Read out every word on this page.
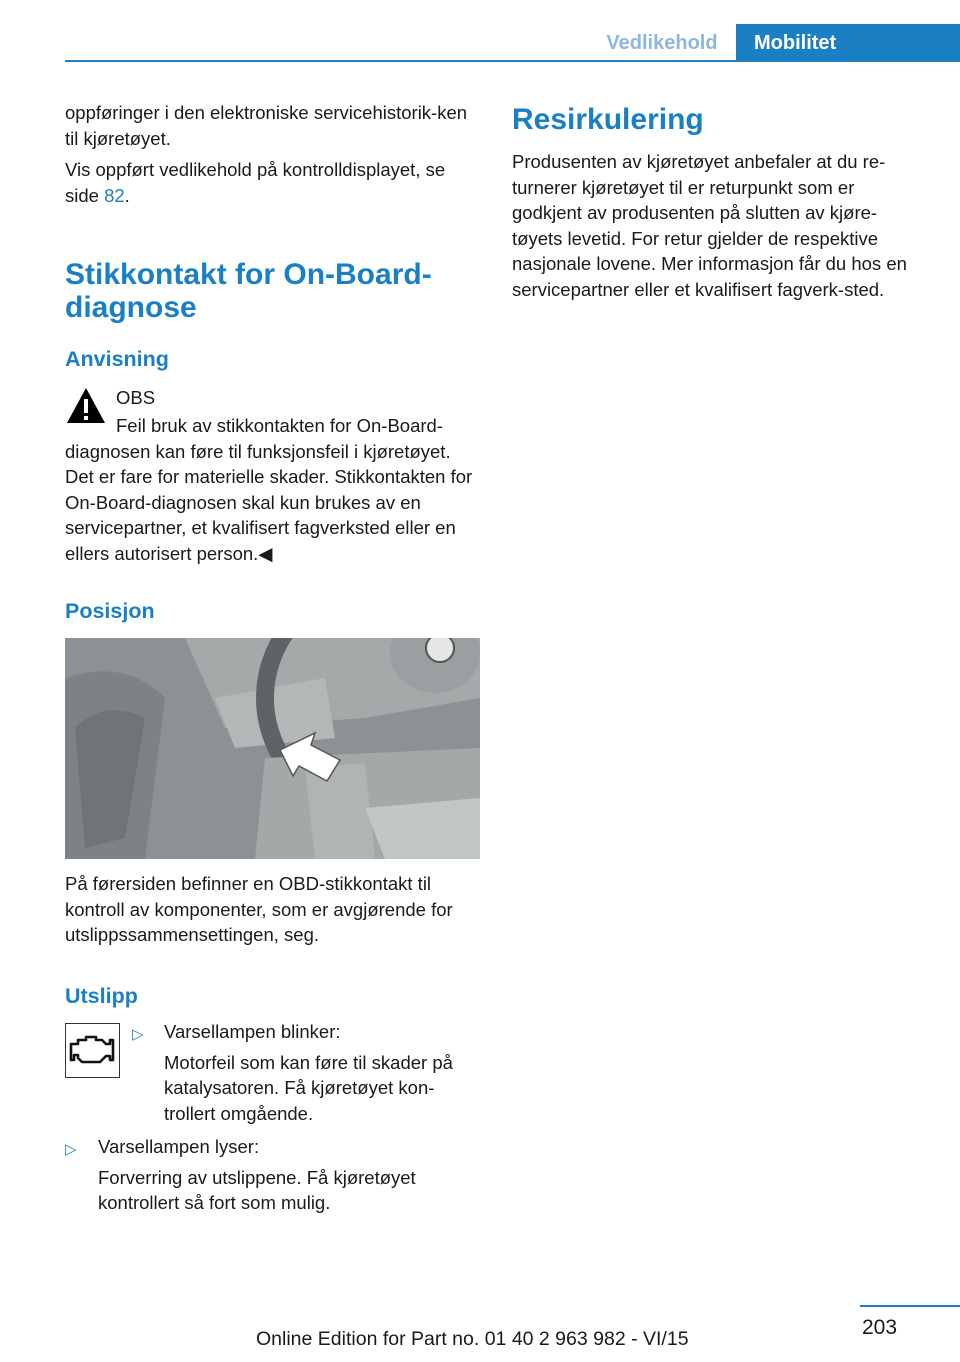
Vedlikehold	Mobilitet

oppføringer i den elektroniske servicehistorik‐ken til kjøretøyet.

Vis oppført vedlikehold på kontrolldisplayet, se side 82.

Stikkontakt for On-Board-

diagnose

Anvisning

OBS

Feil bruk av stikkontakten for On-Board-diagnosen kan føre til funksjonsfeil i kjøretøyet. Det er fare for materielle skader. Stikkontakten for On-Board-diagnosen skal kun brukes av en servicepartner, et kvalifisert fagverksted eller en ellers autorisert person.◀

Posisjon

På førersiden befinner en OBD-stikkontakt til kontroll av komponenter, som er avgjørende for utslippssammensettingen, seg.

Utslipp

▷ Varsellampen blinker:

Motorfeil som kan føre til skader på katalysatoren. Få kjøretøyet kon‐trollert omgående.

▷ Varsellampen lyser:

Forverring av utslippene. Få kjøretøyet kontrollert så fort som mulig.

Resirkulering

Produsenten av kjøretøyet anbefaler at du re‐turnerer kjøretøyet til er returpunkt som er godkjent av produsenten på slutten av kjøre‐tøyets levetid. For retur gjelder de respektive nasjonale lovene. Mer informasjon får du hos en servicepartner eller et kvalifisert fagverk‐sted.

203
Online Edition for Part no. 01 40 2 963 982 - VI/15
